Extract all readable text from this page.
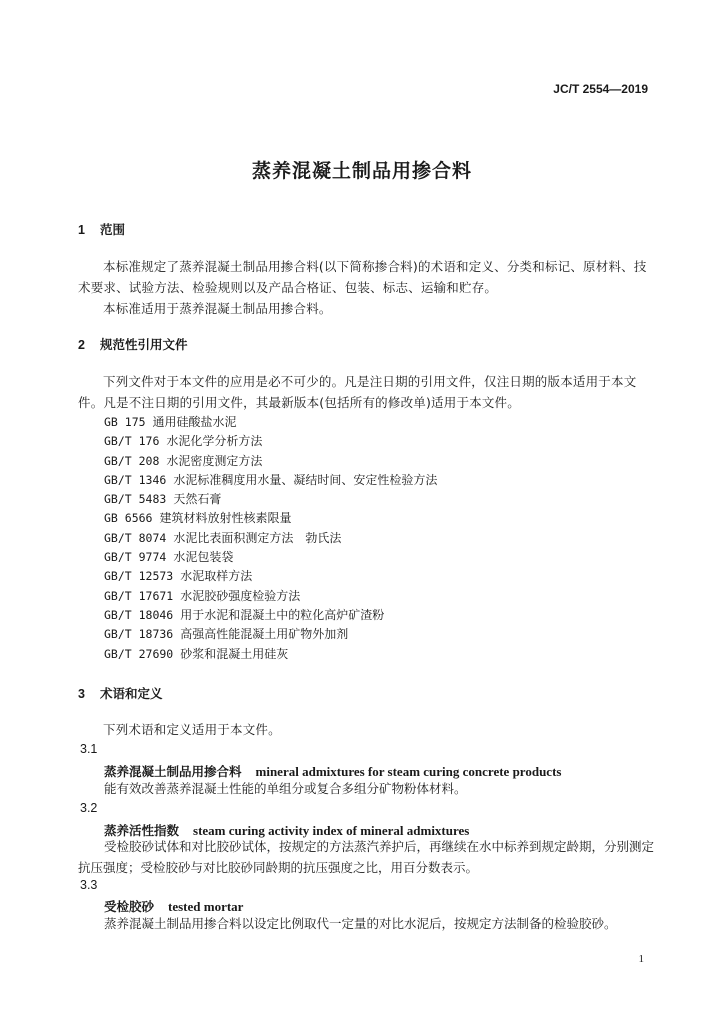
JC/T 2554—2019
蒸养混凝土制品用掺合料
1 范围

本标准规定了蒸养混凝土制品用掺合料(以下简称掺合料)的术语和定义、分类和标记、原材料、技术要求、试验方法、检验规则以及产品合格证、包装、标志、运输和贮存。

本标准适用于蒸养混凝土制品用掺合料。

2 规范性引用文件

下列文件对于本文件的应用是必不可少的。凡是注日期的引用文件，仅注日期的版本适用于本文件。凡是不注日期的引用文件，其最新版本(包括所有的修改单)适用于本文件。

GB 175 通用硅酸盐水泥
GB/T 176 水泥化学分析方法
GB/T 208 水泥密度测定方法
GB/T 1346 水泥标准稠度用水量、凝结时间、安定性检验方法
GB/T 5483 天然石膏
GB 6566 建筑材料放射性核素限量
GB/T 8074 水泥比表面积测定方法　勃氏法
GB/T 9774 水泥包装袋
GB/T 12573 水泥取样方法
GB/T 17671 水泥胶砂强度检验方法
GB/T 18046 用于水泥和混凝土中的粒化高炉矿渣粉
GB/T 18736 高强高性能混凝土用矿物外加剂
GB/T 27690 砂浆和混凝土用硅灰
3 术语和定义

下列术语和定义适用于本文件。

3.1
蒸养混凝土制品用掺合料 mineral admixtures for steam curing concrete products

能有效改善蒸养混凝土性能的单组分或复合多组分矿物粉体材料。

3.2
蒸养活性指数 steam curing activity index of mineral admixtures

受检胶砂试体和对比胶砂试体，按规定的方法蒸汽养护后，再继续在水中标养到规定龄期，分别测定抗压强度；受检胶砂与对比胶砂同龄期的抗压强度之比，用百分数表示。

3.3
受检胶砂 tested mortar

蒸养混凝土制品用掺合料以设定比例取代一定量的对比水泥后，按规定方法制备的检验胶砂。

1
